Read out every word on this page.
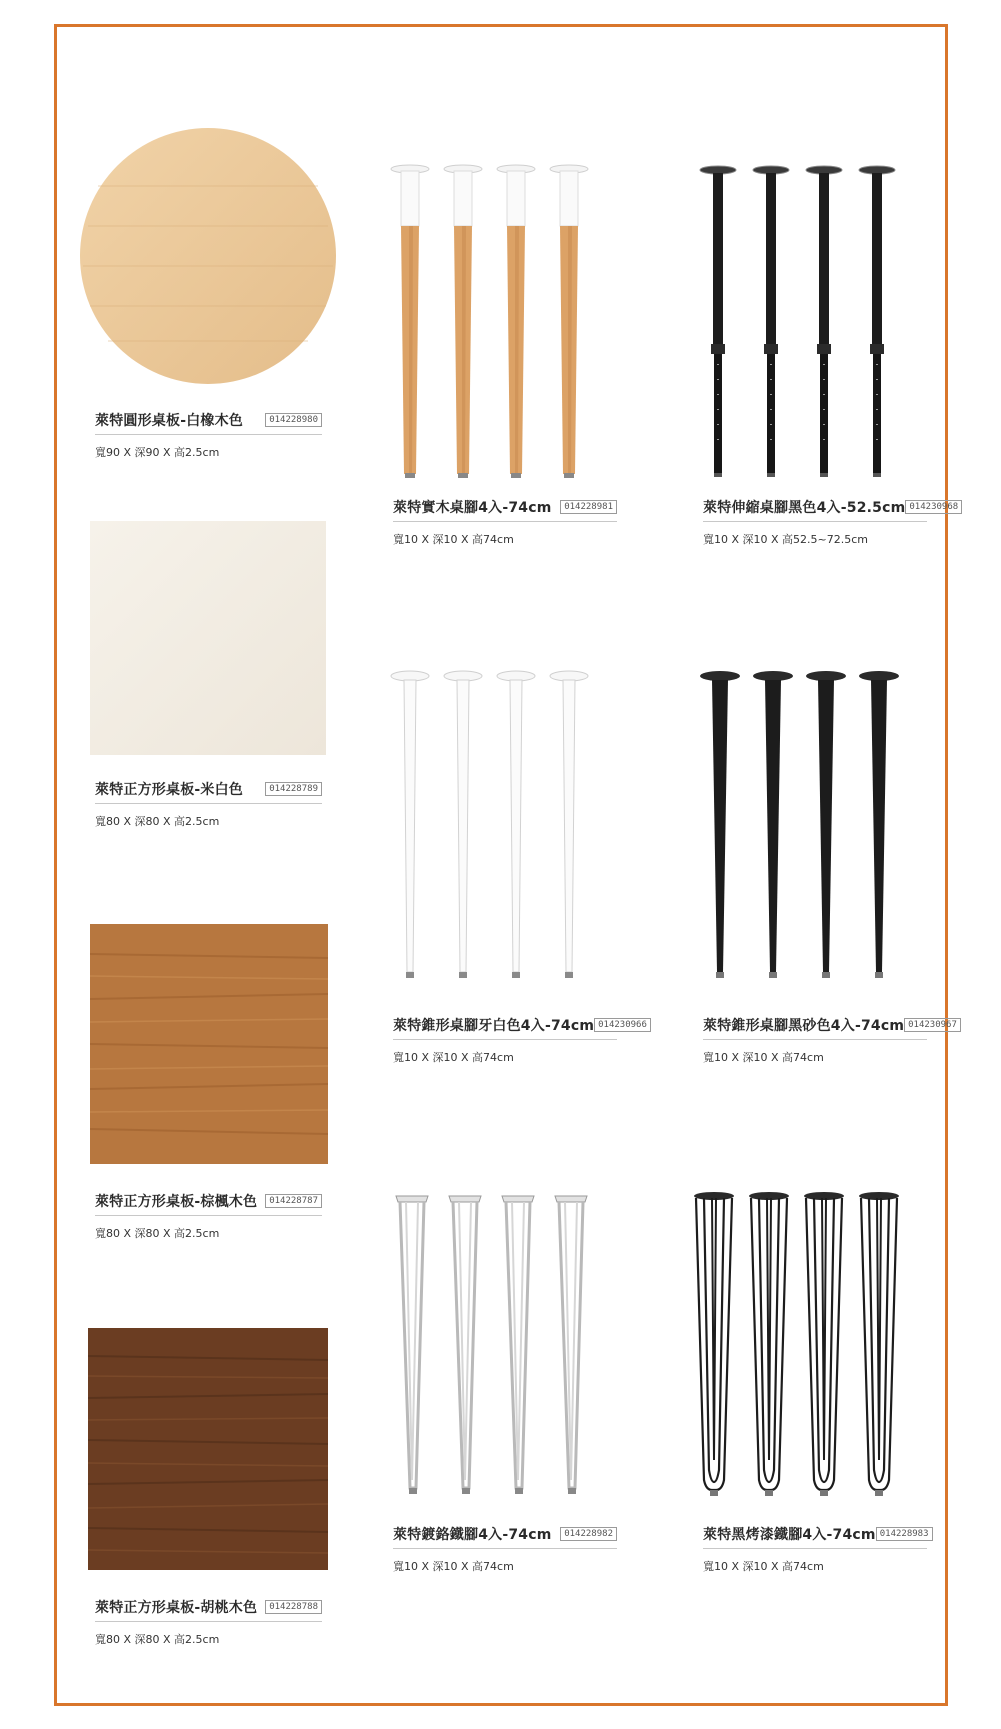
萊特圓形桌板-白橡木色	014228980
寬90 X 深90 X 高2.5cm
萊特正方形桌板-米白色	014228789
寬80 X 深80 X 高2.5cm
萊特正方形桌板-棕楓木色	014228787
寬80 X 深80 X 高2.5cm
萊特正方形桌板-胡桃木色	014228788
寬80 X 深80 X 高2.5cm
萊特實木桌腳4入-74cm	014228981
寬10 X 深10 X 高74cm
萊特錐形桌腳牙白色4入-74cm 014230966
寬10 X 深10 X 高74cm
萊特鍍鉻鐵腳4入-74cm	014228982
寬10 X 深10 X 高74cm
萊特伸縮桌腳黑色4入-52.5cm 014230968
寬10 X 深10 X 高52.5~72.5cm
萊特錐形桌腳黑砂色4入-74cm 014230967
寬10 X 深10 X 高74cm
萊特黑烤漆鐵腳4入-74cm 014228983
寬10 X 深10 X 高74cm
